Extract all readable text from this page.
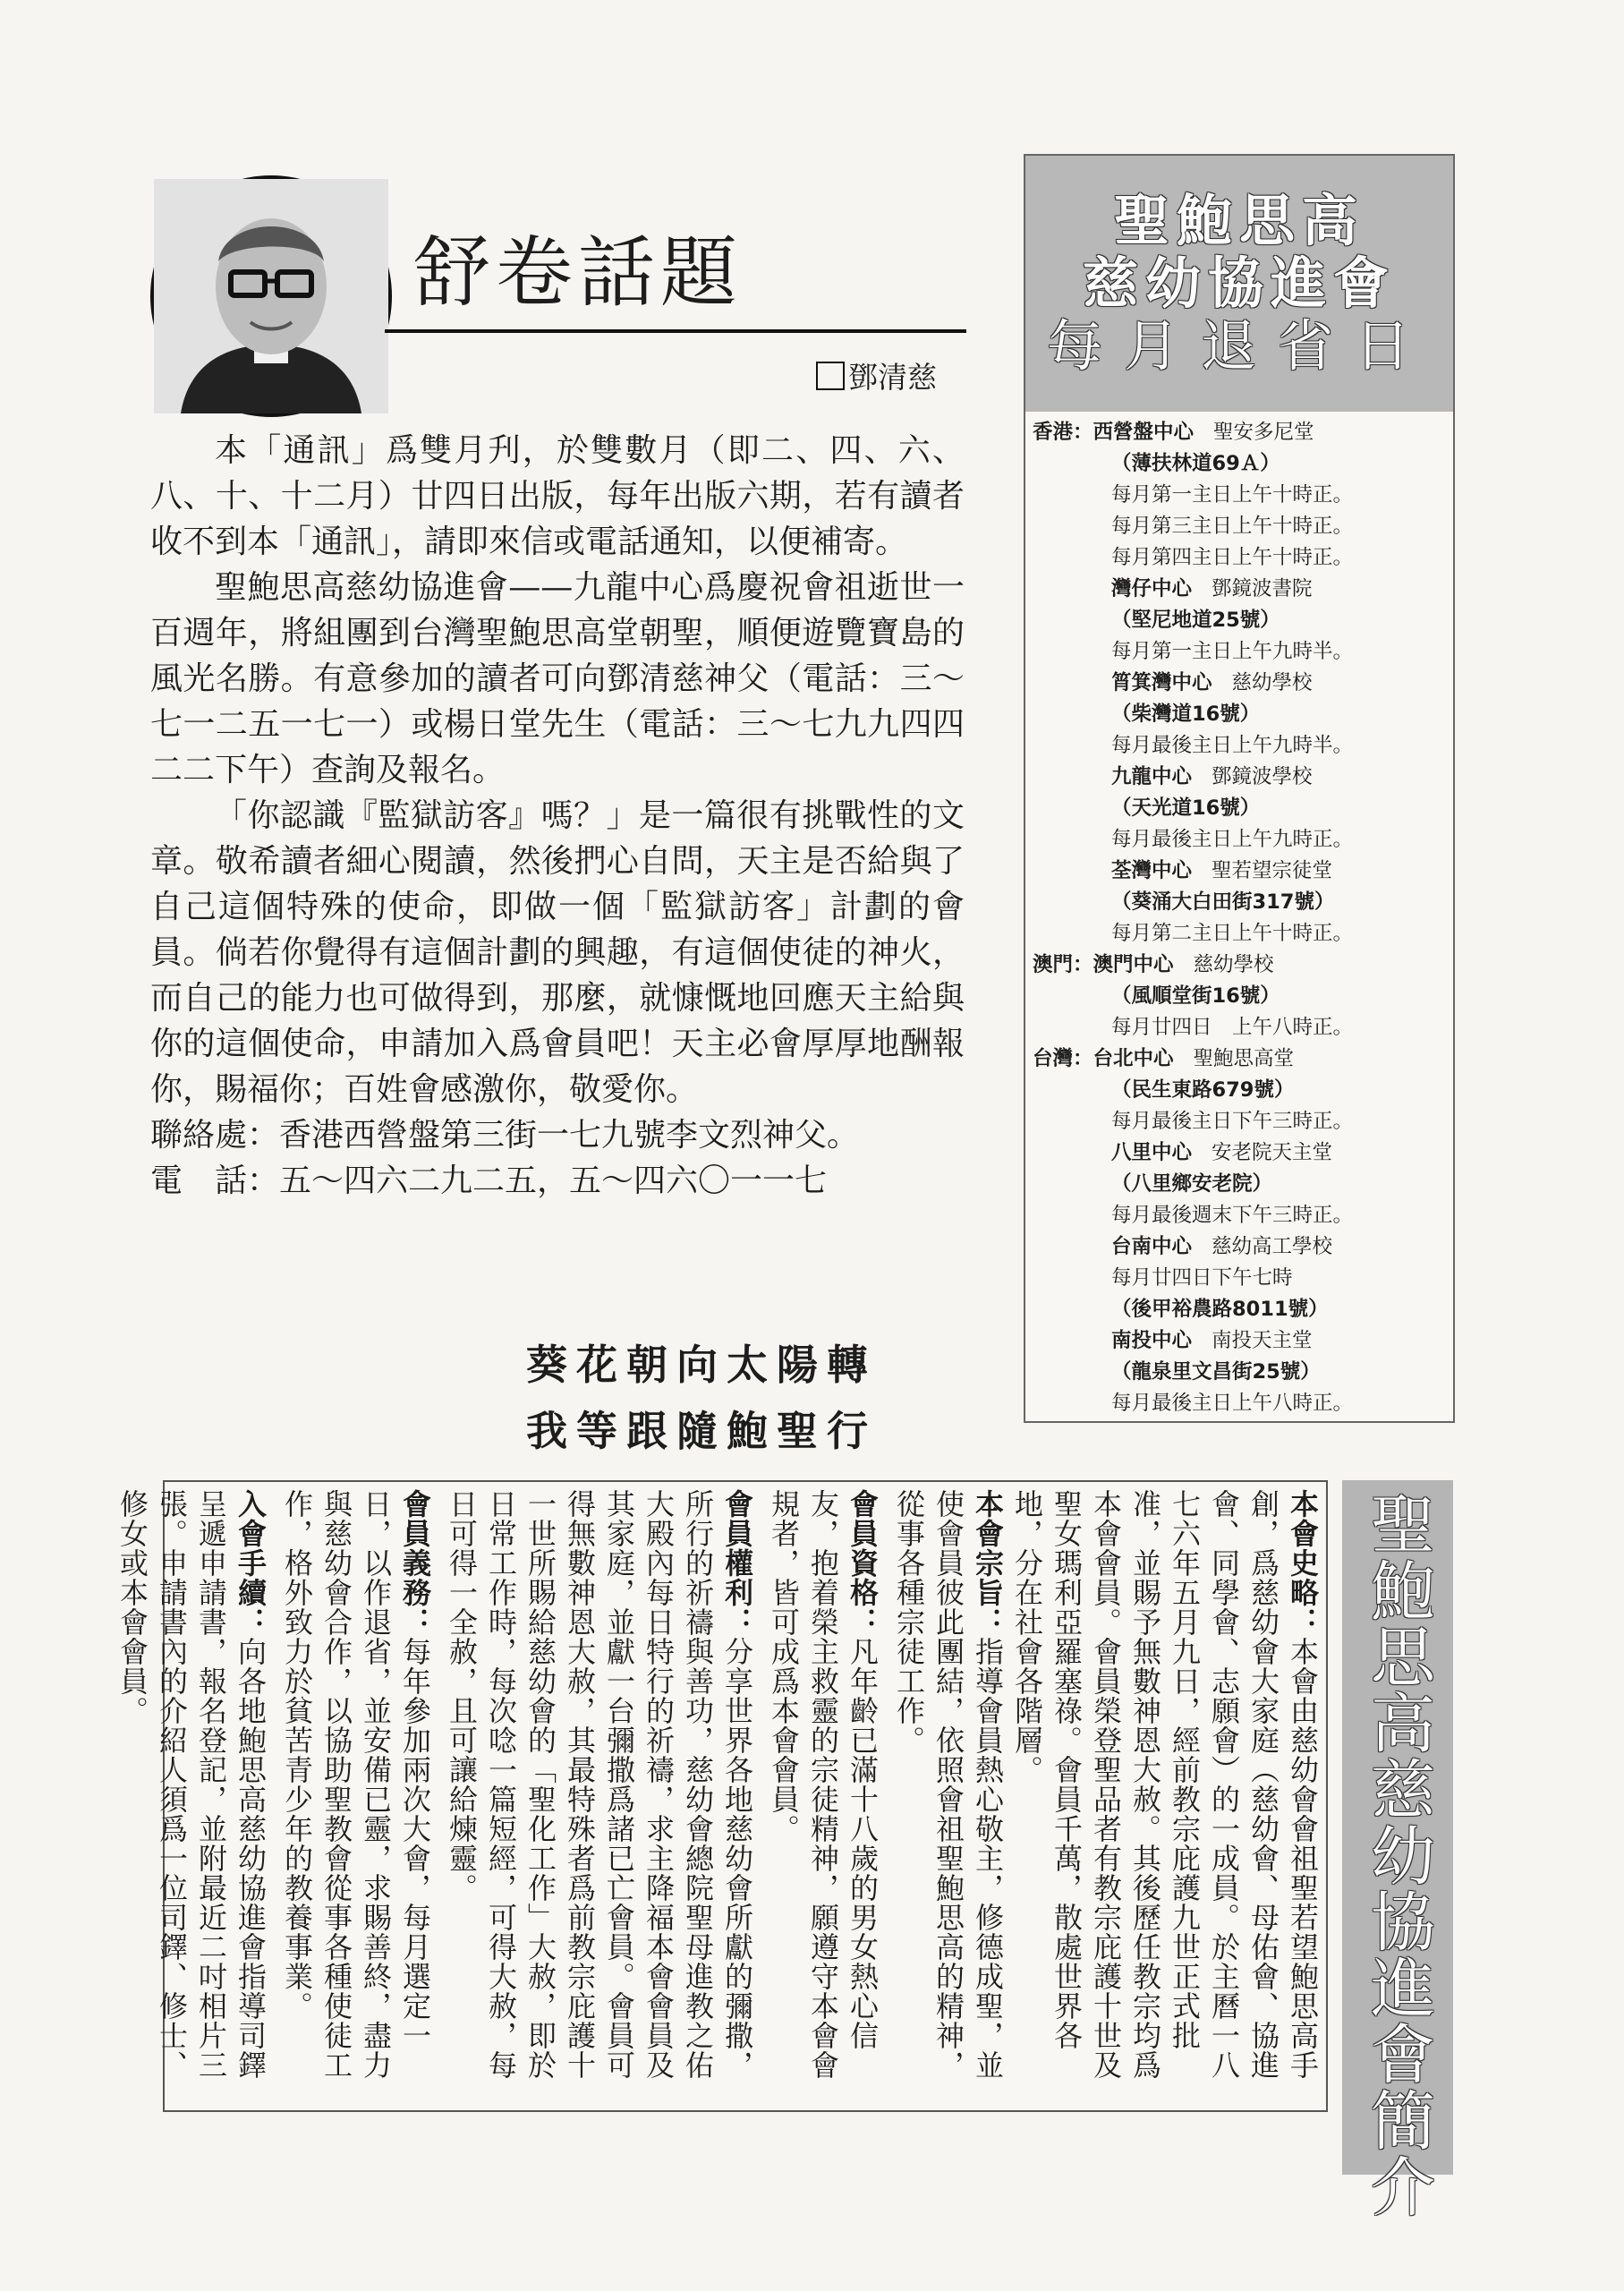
舒卷話題
鄧清慈

本「通訊」爲雙月刋，於雙數月（即二、四、六、八、十、十二月）廿四日出版，每年出版六期，若有讀者收不到本「通訊」，請即來信或電話通知，以便補寄。

聖鮑思高慈幼協進會——九龍中心爲慶祝會祖逝世一百週年，將組團到台灣聖鮑思高堂朝聖，順便遊覽寶島的風光名勝。有意參加的讀者可向鄧清慈神父（電話：三～七一二五一七一）或楊日堂先生（電話：三～七九九四四二二下午）查詢及報名。

「你認識『監獄訪客』嗎？」是一篇很有挑戰性的文章。敬希讀者細心閱讀，然後捫心自問，天主是否給與了自己這個特殊的使命，即做一個「監獄訪客」計劃的會員。倘若你覺得有這個計劃的興趣，有這個使徒的神火，而自己的能力也可做得到，那麼，就慷慨地回應天主給與你的這個使命，申請加入爲會員吧！天主必會厚厚地酬報你，賜福你；百姓會感激你，敬愛你。

聯絡處：香港西營盤第三街一七九號李文烈神父。

電　話：五～四六二九二五，五～四六〇一一七

葵花朝向太陽轉
我等跟隨鮑聖行
聖鮑思高
慈幼協進會
每月退省日
香港： 西營盤中心 聖安多尼堂
（薄扶林道69Ａ）
每月第一主日上午十時正。
每月第三主日上午十時正。
每月第四主日上午十時正。
灣仔中心 鄧鏡波書院
（堅尼地道25號）
每月第一主日上午九時半。
筲箕灣中心 慈幼學校
（柴灣道16號）
每月最後主日上午九時半。
九龍中心 鄧鏡波學校
（天光道16號）
每月最後主日上午九時正。
荃灣中心 聖若望宗徒堂
（葵涌大白田街317號）
每月第二主日上午十時正。
澳門： 澳門中心 慈幼學校
（風順堂街16號）
每月廿四日　上午八時正。
台灣： 台北中心 聖鮑思高堂
（民生東路679號）
每月最後主日下午三時正。
八里中心 安老院天主堂
（八里鄉安老院）
每月最後週末下午三時正。
台南中心 慈幼高工學校
每月廿四日下午七時
（後甲裕農路8011號）
南投中心 南投天主堂
（龍泉里文昌街25號）
每月最後主日上午八時正。

本會史略：本會由慈幼會會祖聖若望鮑思高手創，爲慈幼會大家庭（慈幼會、母佑會、協進會、同學會、志願會）的一成員。於主曆一八七六年五月九日，經前教宗庇護九世正式批准，並賜予無數神恩大赦。其後歷任教宗均爲本會會員。會員榮登聖品者有教宗庇護十世及聖女瑪利亞羅塞祿。會員千萬，散處世界各地，分在社會各階層。

本會宗旨：指導會員熱心敬主，修德成聖，並使會員彼此團結，依照會祖聖鮑思高的精神，從事各種宗徒工作。

會員資格：凡年齡已滿十八歲的男女熱心信友，抱着榮主救靈的宗徒精神，願遵守本會會規者，皆可成爲本會會員。

會員權利：分享世界各地慈幼會所獻的彌撒，所行的祈禱與善功，慈幼會總院聖母進教之佑大殿內每日特行的祈禱，求主降福本會會員及其家庭，並獻一台彌撒爲諸已亡會員。會員可得無數神恩大赦，其最特殊者爲前教宗庇護十一世所賜給慈幼會的「聖化工作」大赦，即於日常工作時，每次唸一篇短經，可得大赦，每日可得一全赦，且可讓給煉靈。

會員義務：每年參加兩次大會，每月選定一日，以作退省，並安備已靈，求賜善終，盡力與慈幼會合作，以協助聖教會從事各種使徒工作，格外致力於貧苦青少年的教養事業。

入會手續：向各地鮑思高慈幼協進會指導司鐸呈遞申請書，報名登記，並附最近二吋相片三張。申請書內的介紹人須爲一位司鐸、修士、修女或本會會員。	聖鮑思高慈幼協進會簡介
